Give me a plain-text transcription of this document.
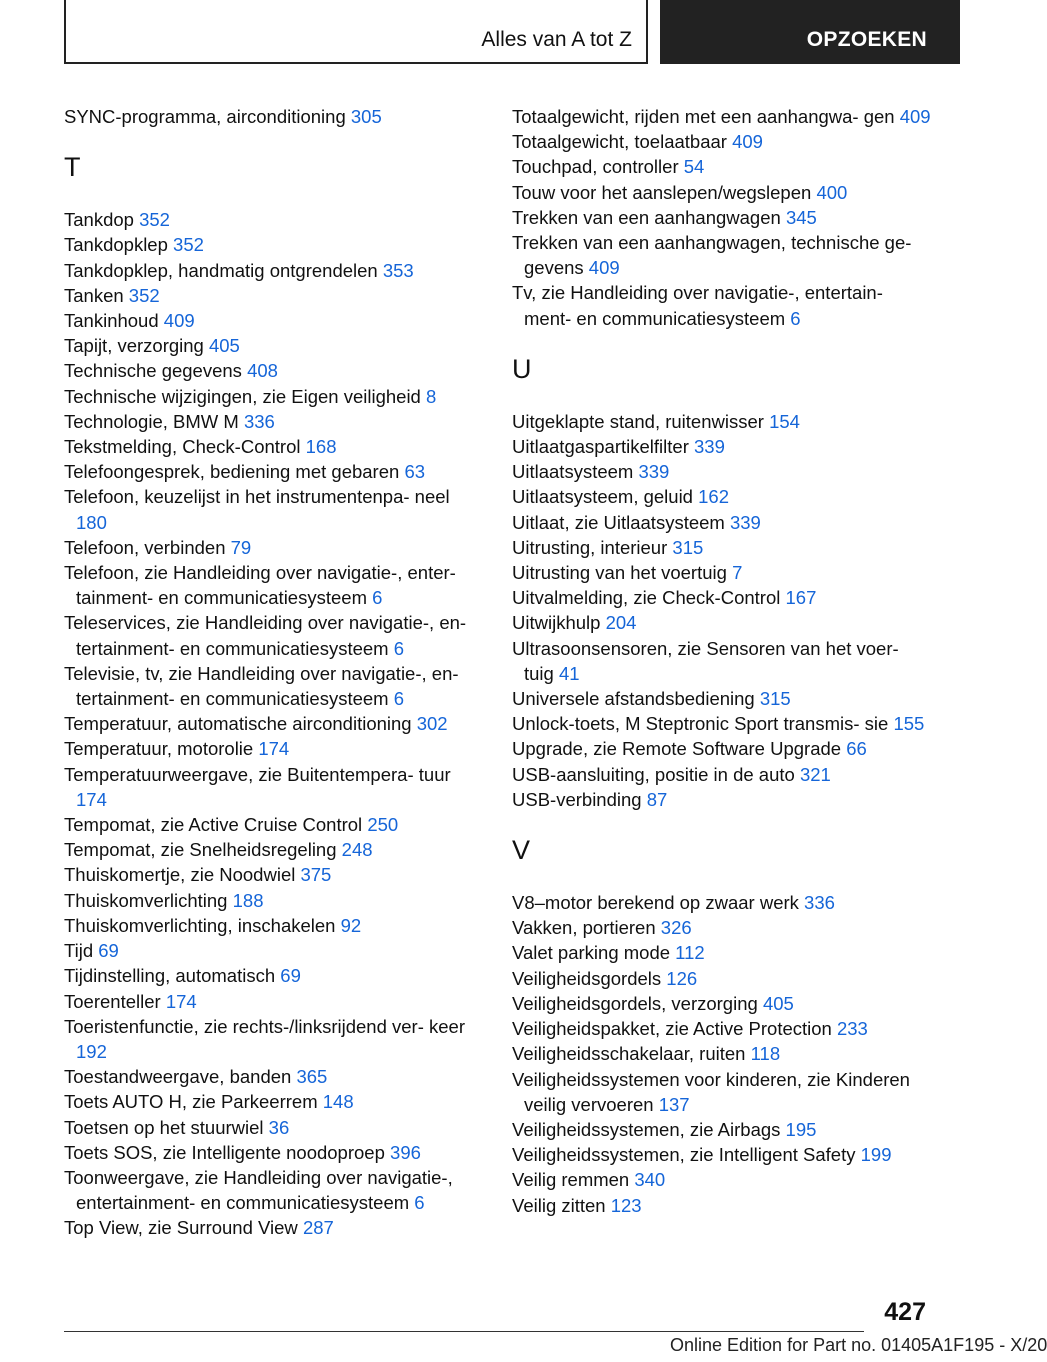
Alles van A tot Z	OPZOEKEN
SYNC-programma, airconditioning 305
T
Tankdop 352
Tankdopklep 352
Tankdopklep, handmatig ontgrendelen 353
Tanken 352
Tankinhoud 409
Tapijt, verzorging 405
Technische gegevens 408
Technische wijzigingen, zie Eigen veiligheid 8
Technologie, BMW M 336
Tekstmelding, Check-Control 168
Telefoongesprek, bediening met gebaren 63
Telefoon, keuzelijst in het instrumentenpa‐ neel 180
Telefoon, verbinden 79
Telefoon, zie Handleiding over navigatie-, enter‐ tainment- en communicatiesysteem 6
Teleservices, zie Handleiding over navigatie-, en‐ tertainment- en communicatiesysteem 6
Televisie, tv, zie Handleiding over navigatie-, en‐ tertainment- en communicatiesysteem 6
Temperatuur, automatische airconditioning 302
Temperatuur, motorolie 174
Temperatuurweergave, zie Buitentempera‐ tuur 174
Tempomat, zie Active Cruise Control 250
Tempomat, zie Snelheidsregeling 248
Thuiskomertje, zie Noodwiel 375
Thuiskomverlichting 188
Thuiskomverlichting, inschakelen 92
Tijd 69
Tijdinstelling, automatisch 69
Toerenteller 174
Toeristenfunctie, zie rechts-/linksrijdend ver‐ keer 192
Toestandweergave, banden 365
Toets AUTO H, zie Parkeerrem 148
Toetsen op het stuurwiel 36
Toets SOS, zie Intelligente noodoproep 396
Toonweergave, zie Handleiding over navigatie-, entertainment- en communicatiesysteem 6
Top View, zie Surround View 287
Totaalgewicht, rijden met een aanhangwa‐ gen 409
Totaalgewicht, toelaatbaar 409
Touchpad, controller 54
Touw voor het aanslepen/wegslepen 400
Trekken van een aanhangwagen 345
Trekken van een aanhangwagen, technische ge‐ gevens 409
Tv, zie Handleiding over navigatie-, entertain‐ ment- en communicatiesysteem 6
U
Uitgeklapte stand, ruitenwisser 154
Uitlaatgaspartikelfilter 339
Uitlaatsysteem 339
Uitlaatsysteem, geluid 162
Uitlaat, zie Uitlaatsysteem 339
Uitrusting, interieur 315
Uitrusting van het voertuig 7
Uitvalmelding, zie Check-Control 167
Uitwijkhulp 204
Ultrasoonsensoren, zie Sensoren van het voer‐ tuig 41
Universele afstandsbediening 315
Unlock-toets, M Steptronic Sport transmis‐ sie 155
Upgrade, zie Remote Software Upgrade 66
USB-aansluiting, positie in de auto 321
USB-verbinding 87
V
V8–motor berekend op zwaar werk 336
Vakken, portieren 326
Valet parking mode 112
Veiligheidsgordels 126
Veiligheidsgordels, verzorging 405
Veiligheidspakket, zie Active Protection 233
Veiligheidsschakelaar, ruiten 118
Veiligheidssystemen voor kinderen, zie Kinderen veilig vervoeren 137
Veiligheidssystemen, zie Airbags 195
Veiligheidssystemen, zie Intelligent Safety 199
Veilig remmen 340
Veilig zitten 123
427
Online Edition for Part no. 01405A1F195 - X/20
